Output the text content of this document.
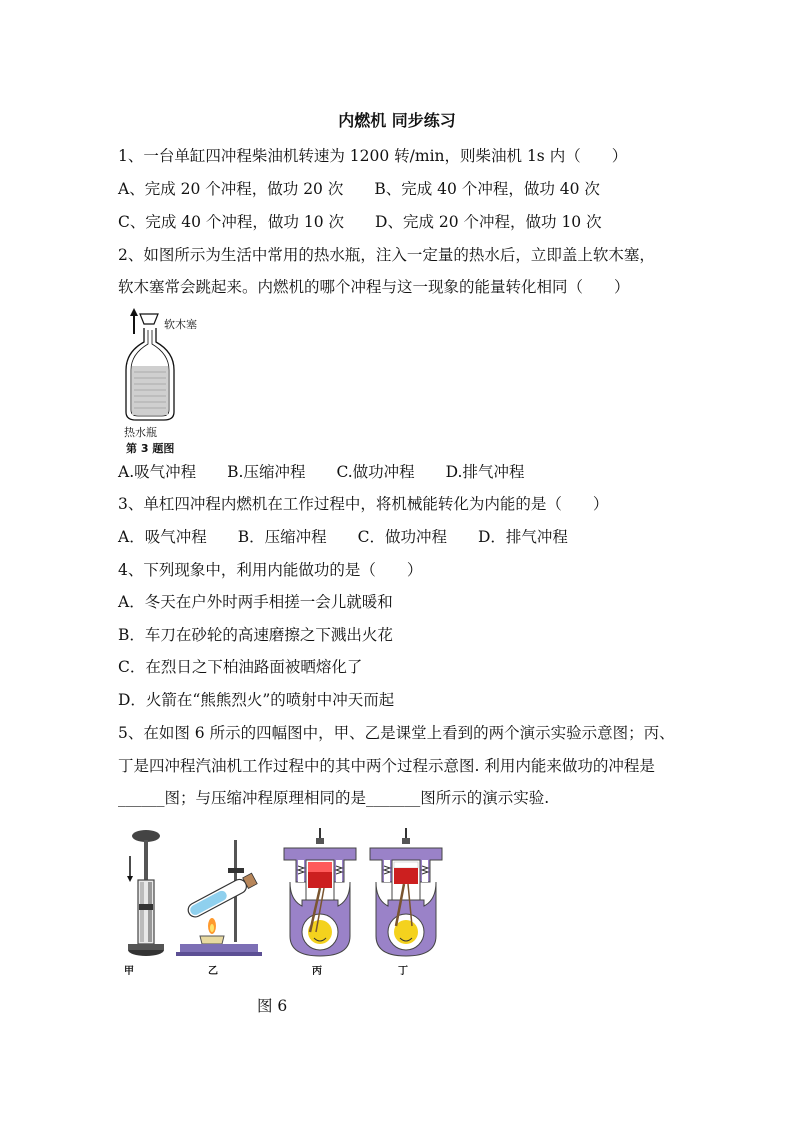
内燃机 同步练习
1、一台单缸四冲程柴油机转速为 1200 转/min，则柴油机 1s 内（　　）
A、完成 20 个冲程，做功 20 次　　B、完成 40 个冲程，做功 40 次
C、完成 40 个冲程，做功 10 次　　D、完成 20 个冲程，做功 10 次
2、如图所示为生活中常用的热水瓶，注入一定量的热水后，立即盖上软木塞，
软木塞常会跳起来。内燃机的哪个冲程与这一现象的能量转化相同（　　）
软木塞
热水瓶
第 3 题图
A.吸气冲程　　B.压缩冲程　　C.做功冲程　　D.排气冲程
3、单杠四冲程内燃机在工作过程中，将机械能转化为内能的是（　　）
A．吸气冲程　　B．压缩冲程　　C．做功冲程　　D．排气冲程
4、下列现象中，利用内能做功的是（　　）
A．冬天在户外时两手相搓一会儿就暖和
B．车刀在砂轮的高速磨擦之下溅出火花
C．在烈日之下柏油路面被晒熔化了
D．火箭在“熊熊烈火”的喷射中冲天而起
5、在如图 6 所示的四幅图中，甲、乙是课堂上看到的两个演示实验示意图；丙、
丁是四冲程汽油机工作过程中的其中两个过程示意图. 利用内能来做功的冲程是
______图；与压缩冲程原理相同的是_______图所示的演示实验.
甲	乙	丙	丁
图 6
